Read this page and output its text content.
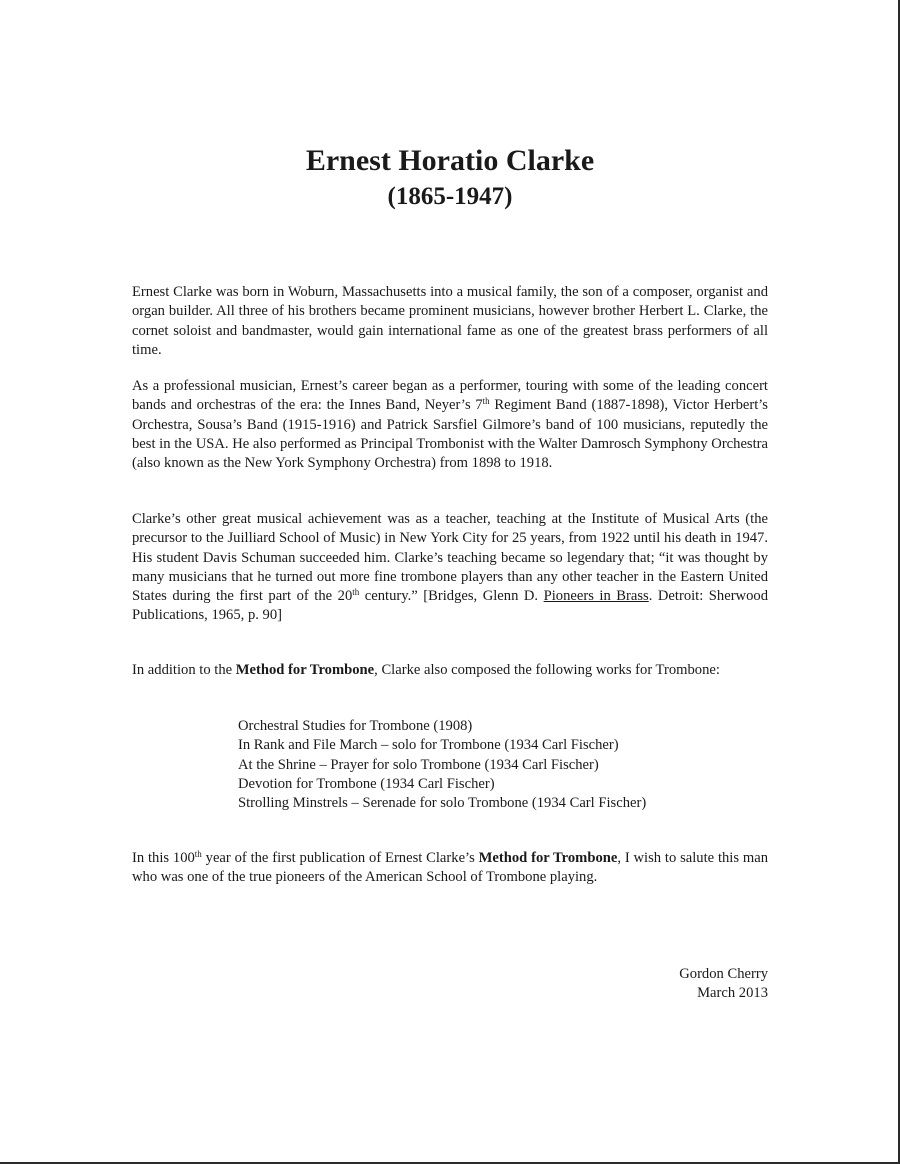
Ernest Horatio Clarke
(1865-1947)

Ernest Clarke was born in Woburn, Massachusetts into a musical family, the son of a composer, organist and organ builder. All three of his brothers became prominent musicians, however brother Herbert L. Clarke, the cornet soloist and bandmaster, would gain international fame as one of the greatest brass performers of all time.

As a professional musician, Ernest’s career began as a performer, touring with some of the leading concert bands and orchestras of the era: the Innes Band, Neyer’s 7th Regiment Band (1887-1898), Victor Herbert’s Orchestra, Sousa’s Band (1915-1916) and Patrick Sarsfiel Gilmore’s band of 100 musicians, reputedly the best in the USA. He also performed as Principal Trombonist with the Walter Damrosch Symphony Orchestra (also known as the New York Symphony Orchestra) from 1898 to 1918.

Clarke’s other great musical achievement was as a teacher, teaching at the Institute of Musical Arts (the precursor to the Juilliard School of Music) in New York City for 25 years, from 1922 until his death in 1947. His student Davis Schuman succeeded him. Clarke’s teaching became so legendary that; “it was thought by many musicians that he turned out more fine trombone players than any other teacher in the Eastern United States during the first part of the 20th century.” [Bridges, Glenn D. Pioneers in Brass. Detroit: Sherwood Publications, 1965, p. 90]

In addition to the Method for Trombone, Clarke also composed the following works for Trombone:

Orchestral Studies for Trombone (1908)
In Rank and File March – solo for Trombone (1934 Carl Fischer)
At the Shrine – Prayer for solo Trombone (1934 Carl Fischer)
Devotion for Trombone (1934 Carl Fischer)
Strolling Minstrels – Serenade for solo Trombone (1934 Carl Fischer)

In this 100th year of the first publication of Ernest Clarke’s Method for Trombone, I wish to salute this man who was one of the true pioneers of the American School of Trombone playing.

Gordon Cherry
March 2013
